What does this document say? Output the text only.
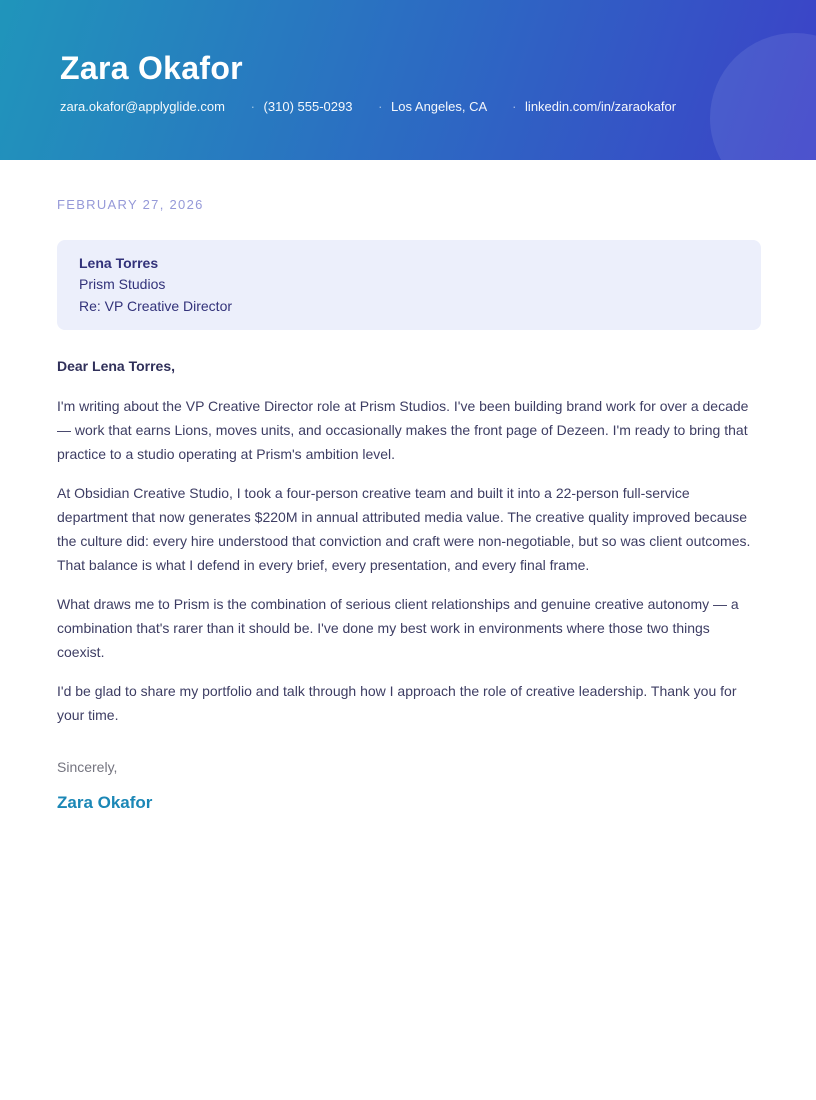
Zara Okafor
zara.okafor@applyglide.com · (310) 555-0293 · Los Angeles, CA · linkedin.com/in/zaraokafor
FEBRUARY 27, 2026
Lena Torres
Prism Studios
Re: VP Creative Director

Dear Lena Torres,

I'm writing about the VP Creative Director role at Prism Studios. I've been building brand work for over a decade — work that earns Lions, moves units, and occasionally makes the front page of Dezeen. I'm ready to bring that practice to a studio operating at Prism's ambition level.

At Obsidian Creative Studio, I took a four-person creative team and built it into a 22-person full-service department that now generates $220M in annual attributed media value. The creative quality improved because the culture did: every hire understood that conviction and craft were non-negotiable, but so was client outcomes. That balance is what I defend in every brief, every presentation, and every final frame.

What draws me to Prism is the combination of serious client relationships and genuine creative autonomy — a combination that's rarer than it should be. I've done my best work in environments where those two things coexist.

I'd be glad to share my portfolio and talk through how I approach the role of creative leadership. Thank you for your time.

Sincerely,

Zara Okafor
